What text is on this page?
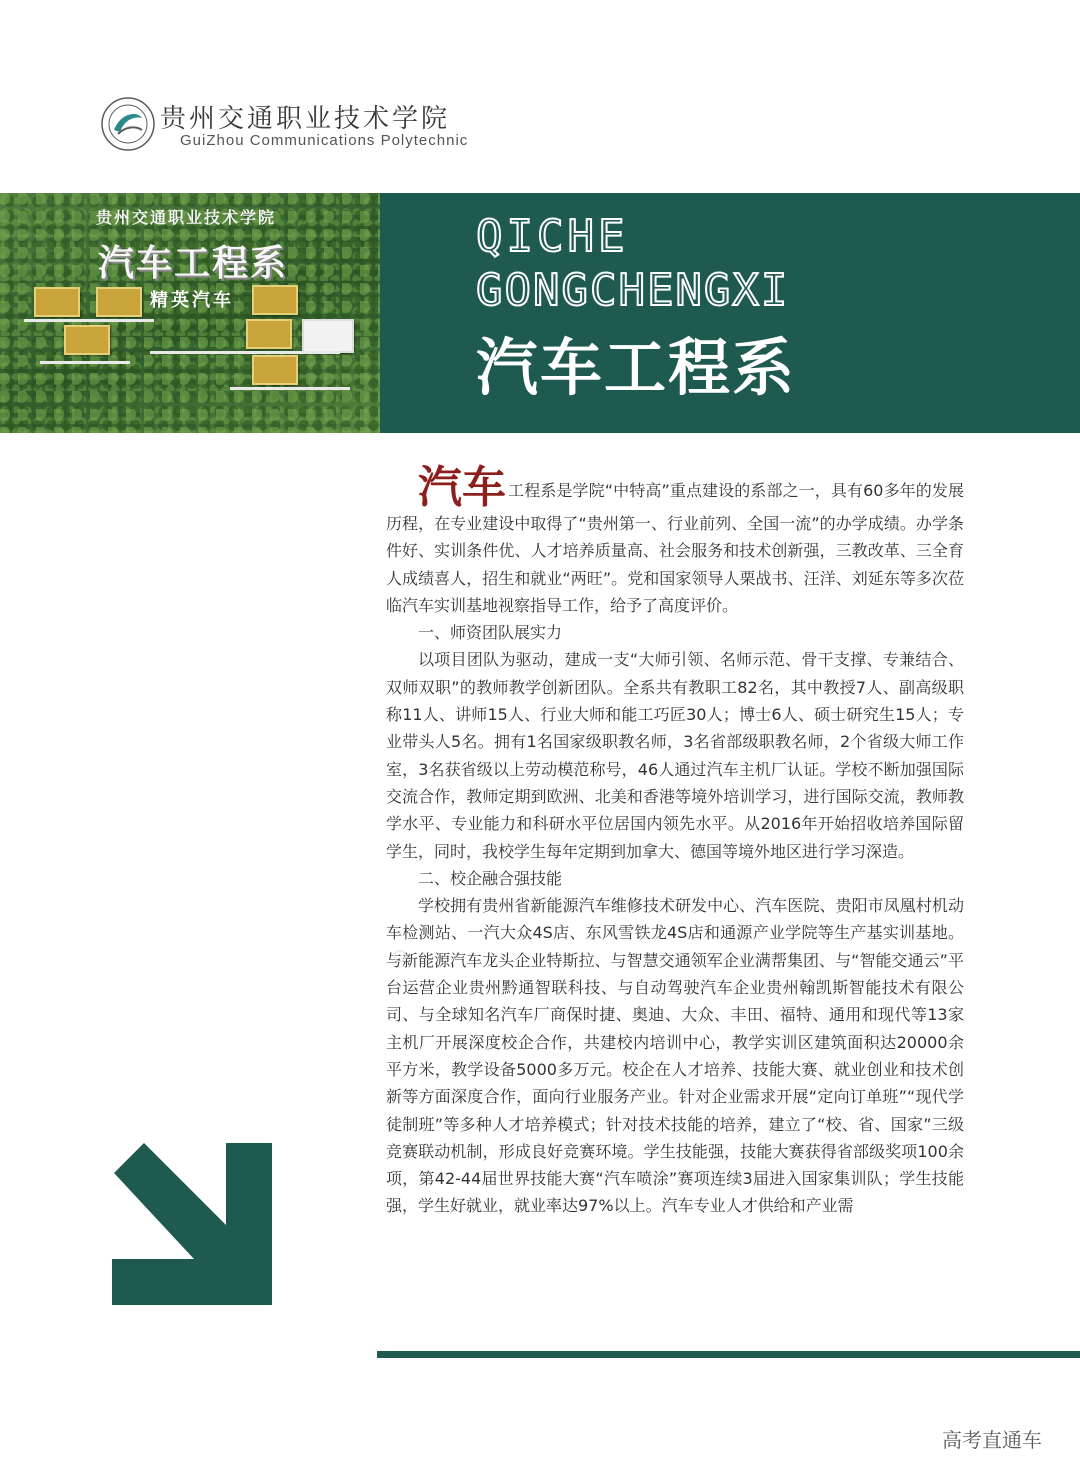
贵州交通职业技术学院
GuiZhou Communications Polytechnic
贵州交通职业技术学院
汽车工程系
精英汽车
QICHE
GONGCHENGXI
汽车工程系

汽车 工程系是学院“中特高”重点建设的系部之一，具有60多年的发展历程，在专业建设中取得了“贵州第一、行业前列、全国一流”的办学成绩。办学条件好、实训条件优、人才培养质量高、社会服务和技术创新强，三教改革、三全育人成绩喜人，招生和就业“两旺”。党和国家领导人栗战书、汪洋、刘延东等多次莅临汽车实训基地视察指导工作，给予了高度评价。

一、师资团队展实力

以项目团队为驱动，建成一支“大师引领、名师示范、骨干支撑、专兼结合、双师双职”的教师教学创新团队。全系共有教职工82名，其中教授7人、副高级职称11人、讲师15人、行业大师和能工巧匠30人；博士6人、硕士研究生15人；专业带头人5名。拥有1名国家级职教名师，3名省部级职教名师，2个省级大师工作室，3名获省级以上劳动模范称号，46人通过汽车主机厂认证。学校不断加强国际交流合作，教师定期到欧洲、北美和香港等境外培训学习，进行国际交流，教师教学水平、专业能力和科研水平位居国内领先水平。从2016年开始招收培养国际留学生，同时，我校学生每年定期到加拿大、德国等境外地区进行学习深造。

二、校企融合强技能

学校拥有贵州省新能源汽车维修技术研发中心、汽车医院、贵阳市凤凰村机动车检测站、一汽大众4S店、东风雪铁龙4S店和通源产业学院等生产基实训基地。与新能源汽车龙头企业特斯拉、与智慧交通领军企业满帮集团、与“智能交通云”平台运营企业贵州黔通智联科技、与自动驾驶汽车企业贵州翰凯斯智能技术有限公司、与全球知名汽车厂商保时捷、奥迪、大众、丰田、福特、通用和现代等13家主机厂开展深度校企合作，共建校内培训中心，教学实训区建筑面积达20000余平方米，教学设备5000多万元。校企在人才培养、技能大赛、就业创业和技术创新等方面深度合作，面向行业服务产业。针对企业需求开展“定向订单班”“现代学徒制班”等多种人才培养模式；针对技术技能的培养，建立了“校、省、国家”三级竞赛联动机制，形成良好竞赛环境。学生技能强，技能大赛获得省部级奖项100余项，第42-44届世界技能大赛“汽车喷涂”赛项连续3届进入国家集训队；学生技能强，学生好就业，就业率达97%以上。汽车专业人才供给和产业需

高考直通车
